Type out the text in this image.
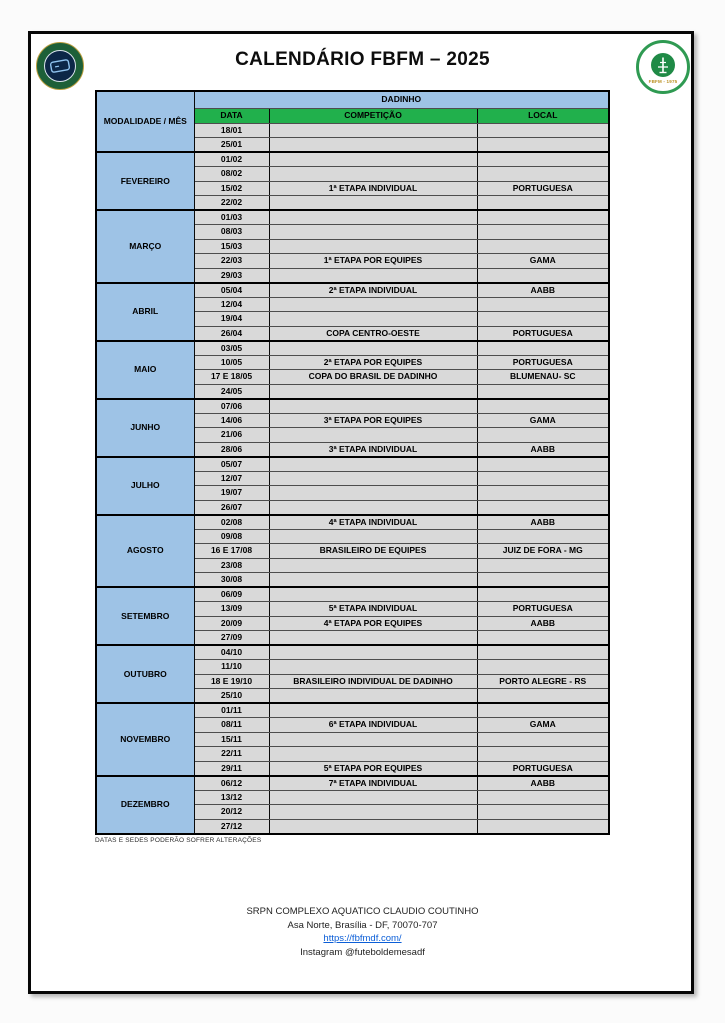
FBFM - 1975
CALENDÁRIO FBFM – 2025
MODALIDADE / MÊS	DADINHO		
	DATA	COMPETIÇÃO	LOCAL
	18/01		
	25/01		
FEVEREIRO	01/02		
	08/02		
	15/02	1ª ETAPA INDIVIDUAL	PORTUGUESA
	22/02		
MARÇO	01/03		
	08/03		
	15/03		
	22/03	1ª ETAPA POR EQUIPES	GAMA
	29/03		
ABRIL	05/04	2ª ETAPA INDIVIDUAL	AABB
	12/04		
	19/04		
	26/04	COPA CENTRO-OESTE	PORTUGUESA
MAIO	03/05		
	10/05	2ª ETAPA POR EQUIPES	PORTUGUESA
	17 E 18/05	COPA DO BRASIL DE DADINHO	BLUMENAU- SC
	24/05		
JUNHO	07/06		
	14/06	3ª ETAPA POR EQUIPES	GAMA
	21/06		
	28/06	3ª ETAPA INDIVIDUAL	AABB
JULHO	05/07		
	12/07		
	19/07		
	26/07		
AGOSTO	02/08	4ª ETAPA INDIVIDUAL	AABB
	09/08		
	16 E 17/08	BRASILEIRO DE EQUIPES	JUIZ DE FORA - MG
	23/08		
	30/08		
SETEMBRO	06/09		
	13/09	5ª ETAPA INDIVIDUAL	PORTUGUESA
	20/09	4ª ETAPA POR EQUIPES	AABB
	27/09		
OUTUBRO	04/10		
	11/10		
	18 E 19/10	BRASILEIRO INDIVIDUAL DE DADINHO	PORTO ALEGRE - RS
	25/10		
NOVEMBRO	01/11		
	08/11	6ª ETAPA INDIVIDUAL	GAMA
	15/11		
	22/11		
	29/11	5ª ETAPA POR EQUIPES	PORTUGUESA
DEZEMBRO	06/12	7ª ETAPA INDIVIDUAL	AABB
	13/12		
	20/12		
	27/12		
DATAS E SEDES PODERÃO SOFRER ALTERAÇÕES
SRPN COMPLEXO AQUATICO CLAUDIO COUTINHO
Asa Norte, Brasília - DF, 70070-707
https://fbfmdf.com/
Instagram @futeboldemesadf
